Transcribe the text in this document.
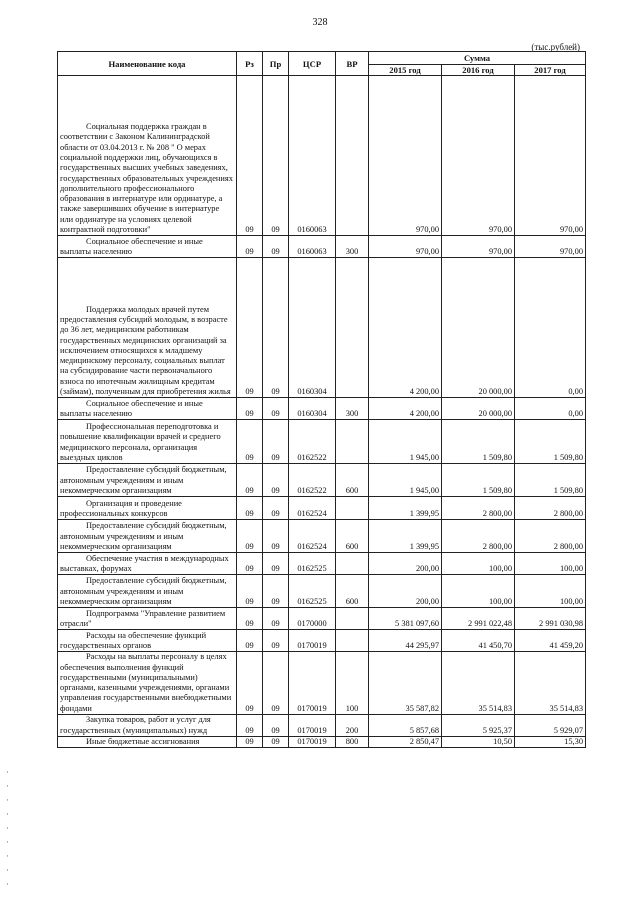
328
(тыс.рублей)
Наименование кода	Рз	Пр	ЦСР	ВР	Сумма		
					2015 год	2016 год	2017 год

Социальная поддержка граждан в соответствии с Законом Калининградской области от 03.04.2013 г. № 208 " О мерах социальной поддержки лиц, обучающихся в государственных высших учебных заведениях, государственных образовательных учреждениях дополнительного профессионального образования в интернатуре или ординатуре, а также завершивших обучение в интернатуре или ординатуре на условиях целевой контрактной подготовки"	09	09	0160063		970,00	970,00	970,00

Социальное обеспечение и иные выплаты населению	09	09	0160063	300	970,00	970,00	970,00

Поддержка молодых врачей путем предоставления субсидий молодым, в возрасте до 36 лет, медицинским работникам государственных медицинских организаций за исключением относящихся к младшему медицинскому персоналу, социальных выплат на субсидирование части первоначального взноса по ипотечным жилищным кредитам (займам), полученным для приобретения жилья	09	09	0160304		4 200,00	20 000,00	0,00

Социальное обеспечение и иные выплаты населению	09	09	0160304	300	4 200,00	20 000,00	0,00

Профессиональная переподготовка и повышение квалификации врачей и среднего медицинского персонала, организация выездных циклов	09	09	0162522		1 945,00	1 509,80	1 509,80

Предоставление субсидий бюджетным, автономным учреждениям и иным некоммерческим организациям	09	09	0162522	600	1 945,00	1 509,80	1 509,80

Организация и проведение профессиональных конкурсов	09	09	0162524		1 399,95	2 800,00	2 800,00

Предоставление субсидий бюджетным, автономным учреждениям и иным некоммерческим организациям	09	09	0162524	600	1 399,95	2 800,00	2 800,00

Обеспечение участия в международных выставках, форумах	09	09	0162525		200,00	100,00	100,00

Предоставление субсидий бюджетным, автономным учреждениям и иным некоммерческим организациям	09	09	0162525	600	200,00	100,00	100,00

Подпрограмма "Управление развитием отрасли"	09	09	0170000		5 381 097,60	2 991 022,48	2 991 030,98

Расходы на обеспечение функций государственных органов	09	09	0170019		44 295,97	41 450,70	41 459,20

Расходы на выплаты персоналу в целях обеспечения выполнения функций государственными (муниципальными) органами, казенными учреждениями, органами управления государственными внебюджетными фондами	09	09	0170019	100	35 587,82	35 514,83	35 514,83

Закупка товаров, работ и услуг для государственных (муниципальных) нужд	09	09	0170019	200	5 857,68	5 925,37	5 929,07

Иные бюджетные ассигнования	09	09	0170019	800	2 850,47	10,50	15,30
·
·
·
·
·
·
·
·
·
